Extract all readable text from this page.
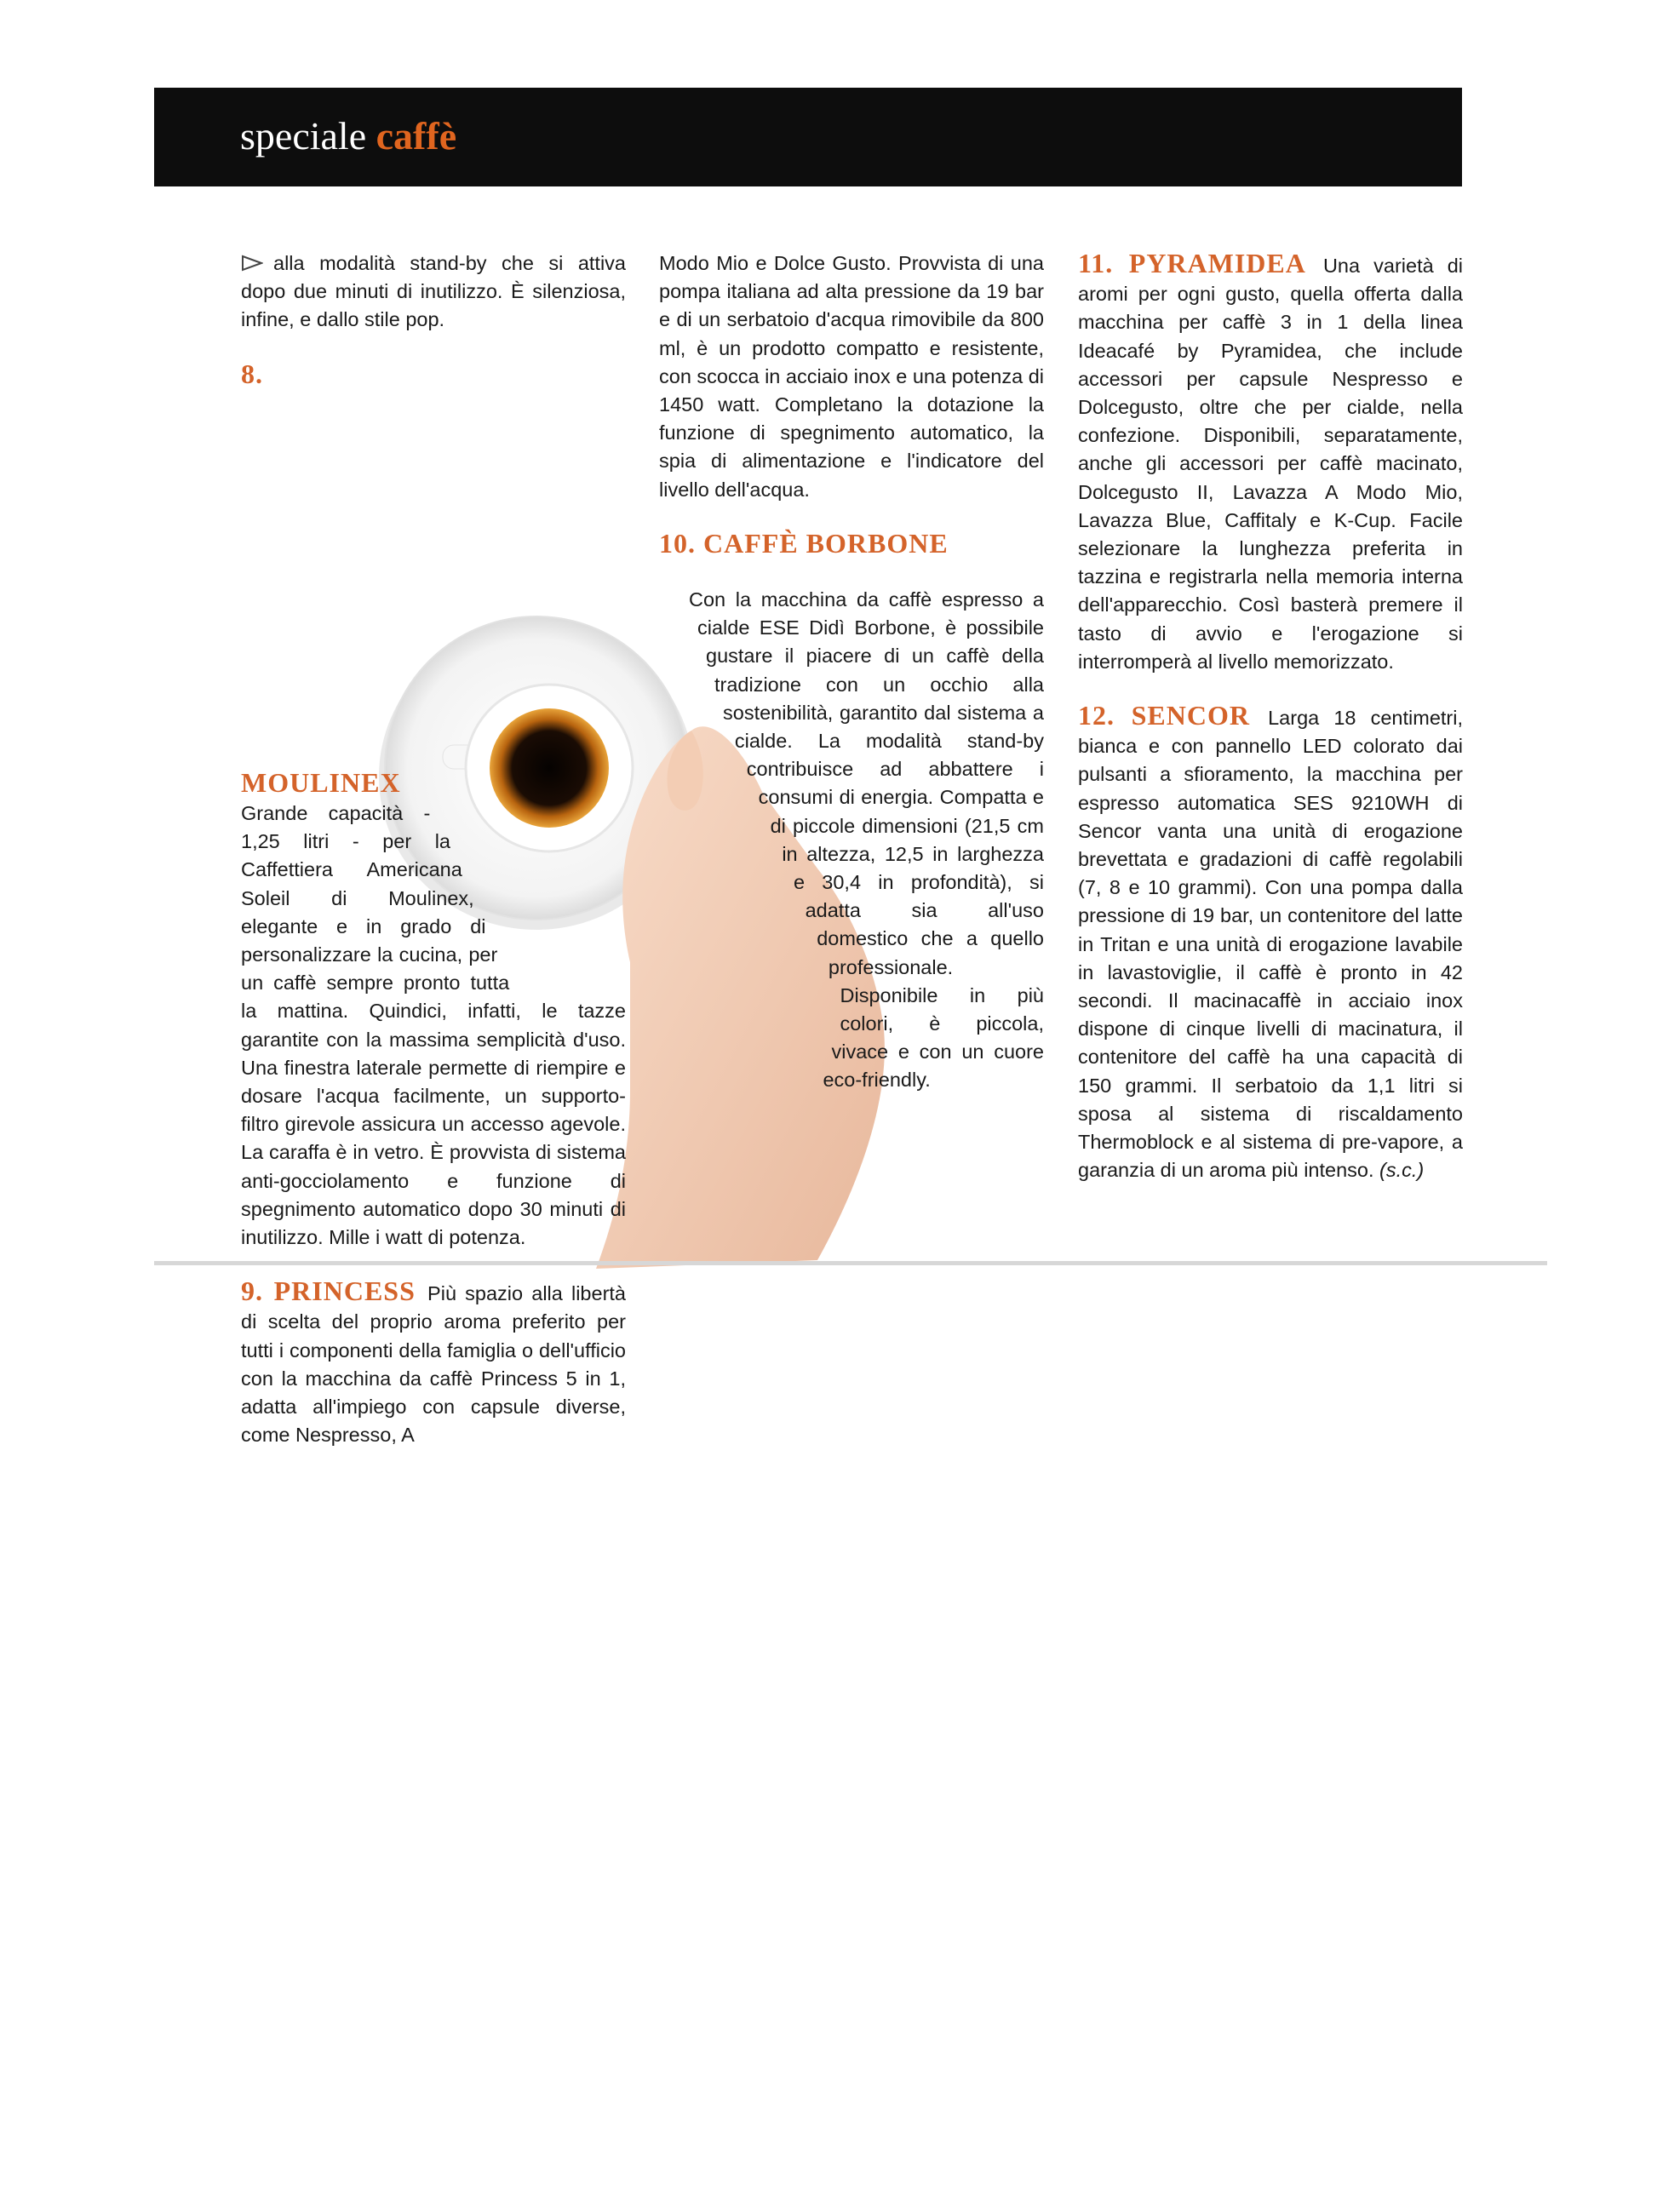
speciale caffè

alla modalità stand-by che si attiva dopo due minuti di inutilizzo. È silenziosa, infine, e dallo stile pop.

8. MOULINEX Grande capacità - 1,25 litri - per la Caffettiera Americana Soleil di Moulinex, elegante e in grado di personalizzare la cucina, per un caffè sempre pronto tutta la mattina. Quindici, infatti, le tazze garantite con la massima semplicità d'uso. Una finestra laterale permette di riempire e dosare l'acqua facilmente, un supporto-filtro girevole assicura un accesso agevole. La caraffa è in vetro. È provvista di sistema anti-gocciolamento e funzione di spegnimento automatico dopo 30 minuti di inutilizzo. Mille i watt di potenza.

9. PRINCESS Più spazio alla libertà di scelta del proprio aroma preferito per tutti i componenti della famiglia o dell'ufficio con la macchina da caffè Princess 5 in 1, adatta all'impiego con capsule diverse, come Nespresso, A

Modo Mio e Dolce Gusto. Provvista di una pompa italiana ad alta pressione da 19 bar e di un serbatoio d'acqua rimovibile da 800 ml, è un prodotto compatto e resistente, con scocca in acciaio inox e una potenza di 1450 watt. Completano la dotazione la funzione di spegnimento automatico, la spia di alimentazione e l'indicatore del livello dell'acqua.

10. CAFFÈ BORBONE

Con la macchina da caffè espresso a cialde ESE Didì Borbone, è possibile gustare il piacere di un caffè della tradizione con un occhio alla sostenibilità, garantito dal sistema a cialde. La modalità stand-by contribuisce ad abbattere i consumi di energia. Compatta e di piccole dimensioni (21,5 cm in altezza, 12,5 in larghezza e 30,4 in profondità), si adatta sia all'uso domestico che a quello professionale. Disponibile in più colori, è piccola, vivace e con un cuore eco-friendly.

11. PYRAMIDEA Una varietà di aromi per ogni gusto, quella offerta dalla macchina per caffè 3 in 1 della linea Ideacafé by Pyramidea, che include accessori per capsule Nespresso e Dolcegusto, oltre che per cialde, nella confezione. Disponibili, separatamente, anche gli accessori per caffè macinato, Dolcegusto II, Lavazza A Modo Mio, Lavazza Blue, Caffitaly e K-Cup. Facile selezionare la lunghezza preferita in tazzina e registrarla nella memoria interna dell'apparecchio. Così basterà premere il tasto di avvio e l'erogazione si interromperà al livello memorizzato.

12. SENCOR Larga 18 centimetri, bianca e con pannello LED colorato dai pulsanti a sfioramento, la macchina per espresso automatica SES 9210WH di Sencor vanta una unità di erogazione brevettata e gradazioni di caffè regolabili (7, 8 e 10 grammi). Con una pompa dalla pressione di 19 bar, un contenitore del latte in Tritan e una unità di erogazione lavabile in lavastoviglie, il caffè è pronto in 42 secondi. Il macinacaffè in acciaio inox dispone di cinque livelli di macinatura, il contenitore del caffè ha una capacità di 150 grammi. Il serbatoio da 1,1 litri si sposa al sistema di riscaldamento Thermoblock e al sistema di pre-vapore, a garanzia di un aroma più intenso. (s.c.)
